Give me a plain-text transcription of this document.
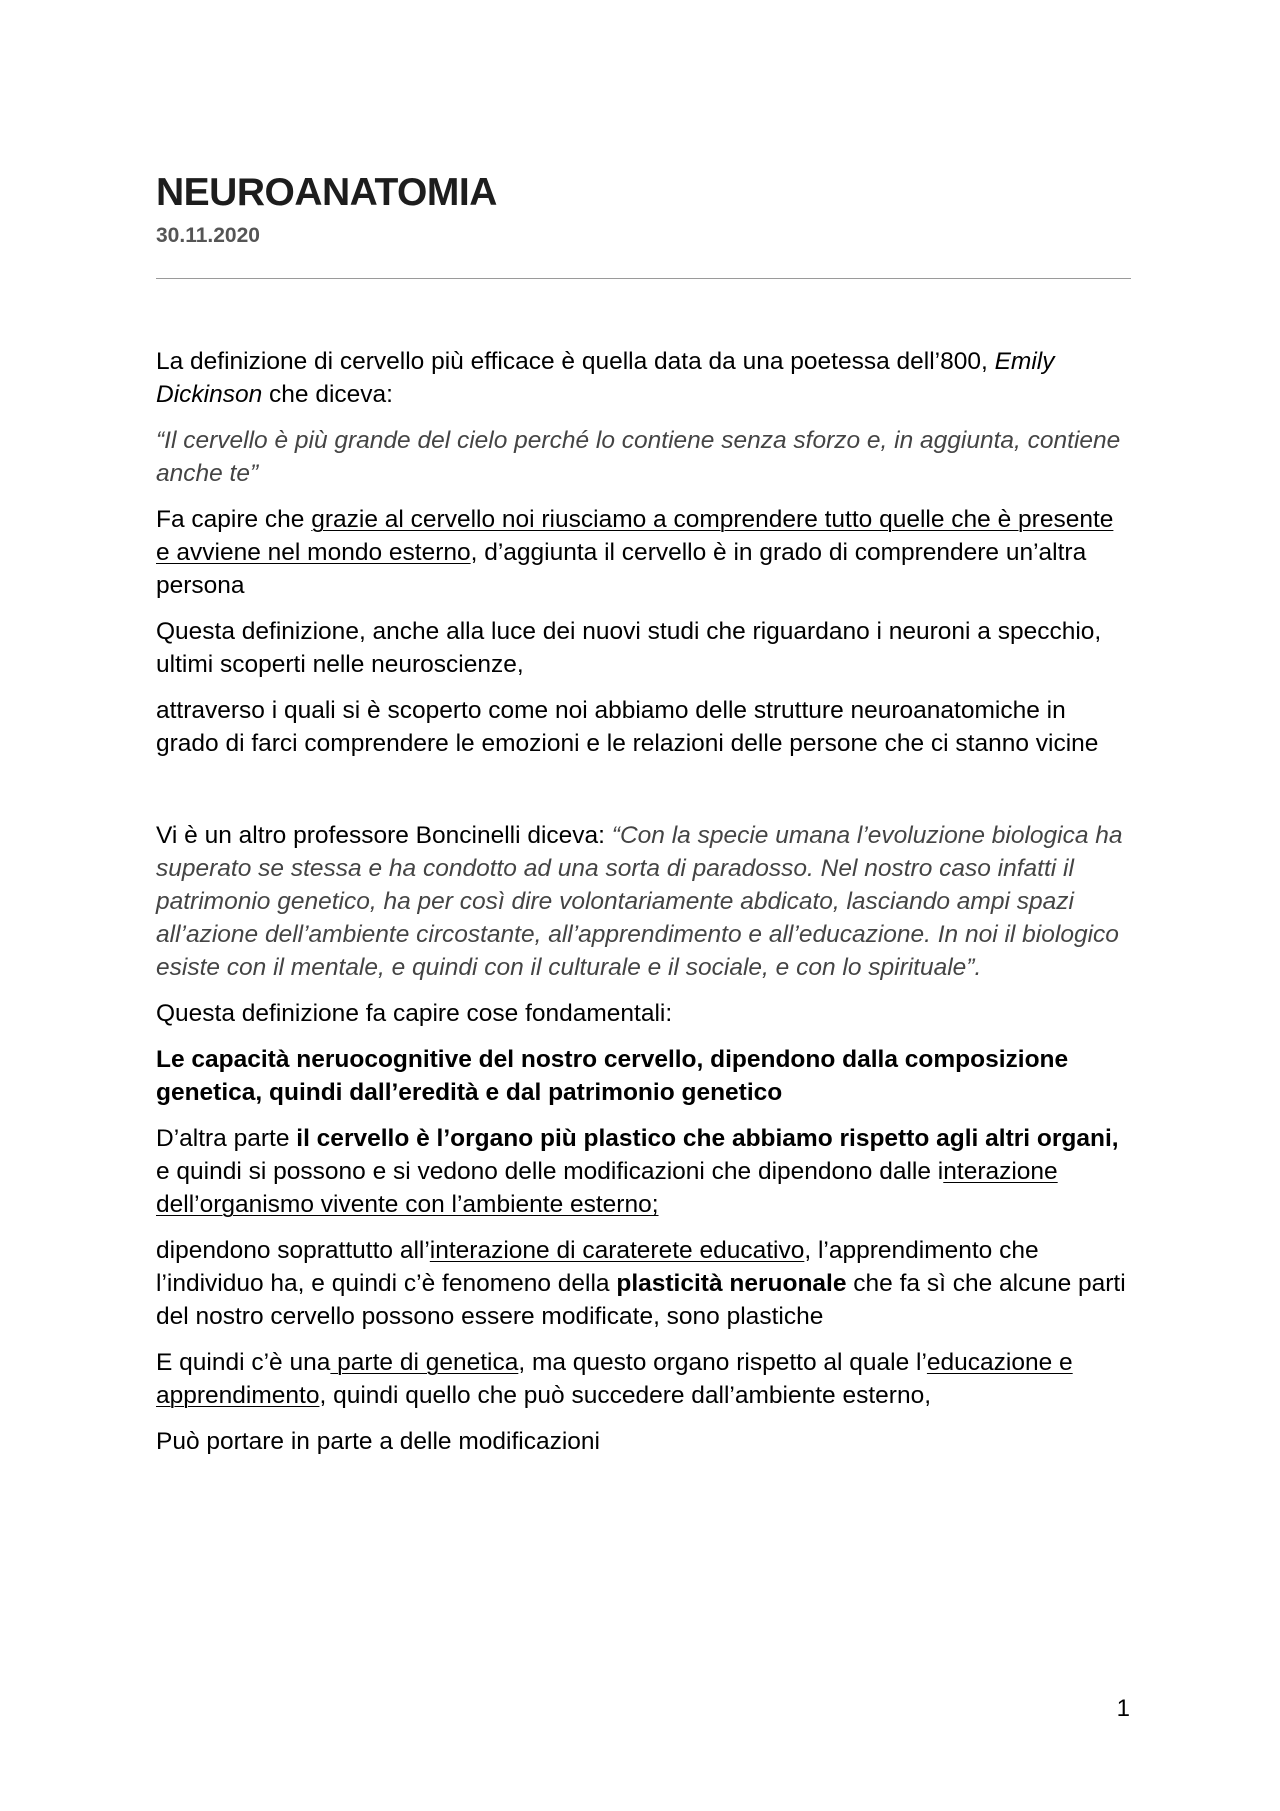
NEUROANATOMIA
30.11.2020

La definizione di cervello più efficace è quella data da una poetessa dell’800, Emily Dickinson che diceva:

“Il cervello è più grande del cielo perché lo contiene senza sforzo e, in aggiunta, contiene anche te”

Fa capire che grazie al cervello noi riusciamo a comprendere tutto quelle che è presente e avviene nel mondo esterno, d’aggiunta il cervello è in grado di comprendere un’altra persona

Questa definizione, anche alla luce dei nuovi studi che riguardano i neuroni a specchio, ultimi scoperti nelle neuroscienze,

attraverso i quali si è scoperto come noi abbiamo delle strutture neuroanatomiche in grado di farci comprendere le emozioni e le relazioni delle persone che ci stanno vicine

Vi è un altro professore Boncinelli diceva: “Con la specie umana l’evoluzione biologica ha superato se stessa e ha condotto ad una sorta di paradosso. Nel nostro caso infatti il patrimonio genetico, ha per così dire volontariamente abdicato, lasciando ampi spazi all’azione dell’ambiente circostante, all’apprendimento e all’educazione. In noi il biologico esiste con il mentale, e quindi con il culturale e il sociale, e con lo spirituale”.

Questa definizione fa capire cose fondamentali:

Le capacità neruocognitive del nostro cervello, dipendono dalla composizione genetica, quindi dall’eredità e dal patrimonio genetico

D’altra parte il cervello è l’organo più plastico che abbiamo rispetto agli altri organi, e quindi si possono e si vedono delle modificazioni che dipendono dalle interazione dell’organismo vivente con l’ambiente esterno;

dipendono soprattutto all’interazione di caraterete educativo, l’apprendimento che l’individuo ha, e quindi c’è fenomeno della plasticità neruonale che fa sì che alcune parti del nostro cervello possono essere modificate, sono plastiche

E quindi c’è una parte di genetica, ma questo organo rispetto al quale l’educazione e apprendimento, quindi quello che può succedere dall’ambiente esterno,

Può portare in parte a delle modificazioni

1
